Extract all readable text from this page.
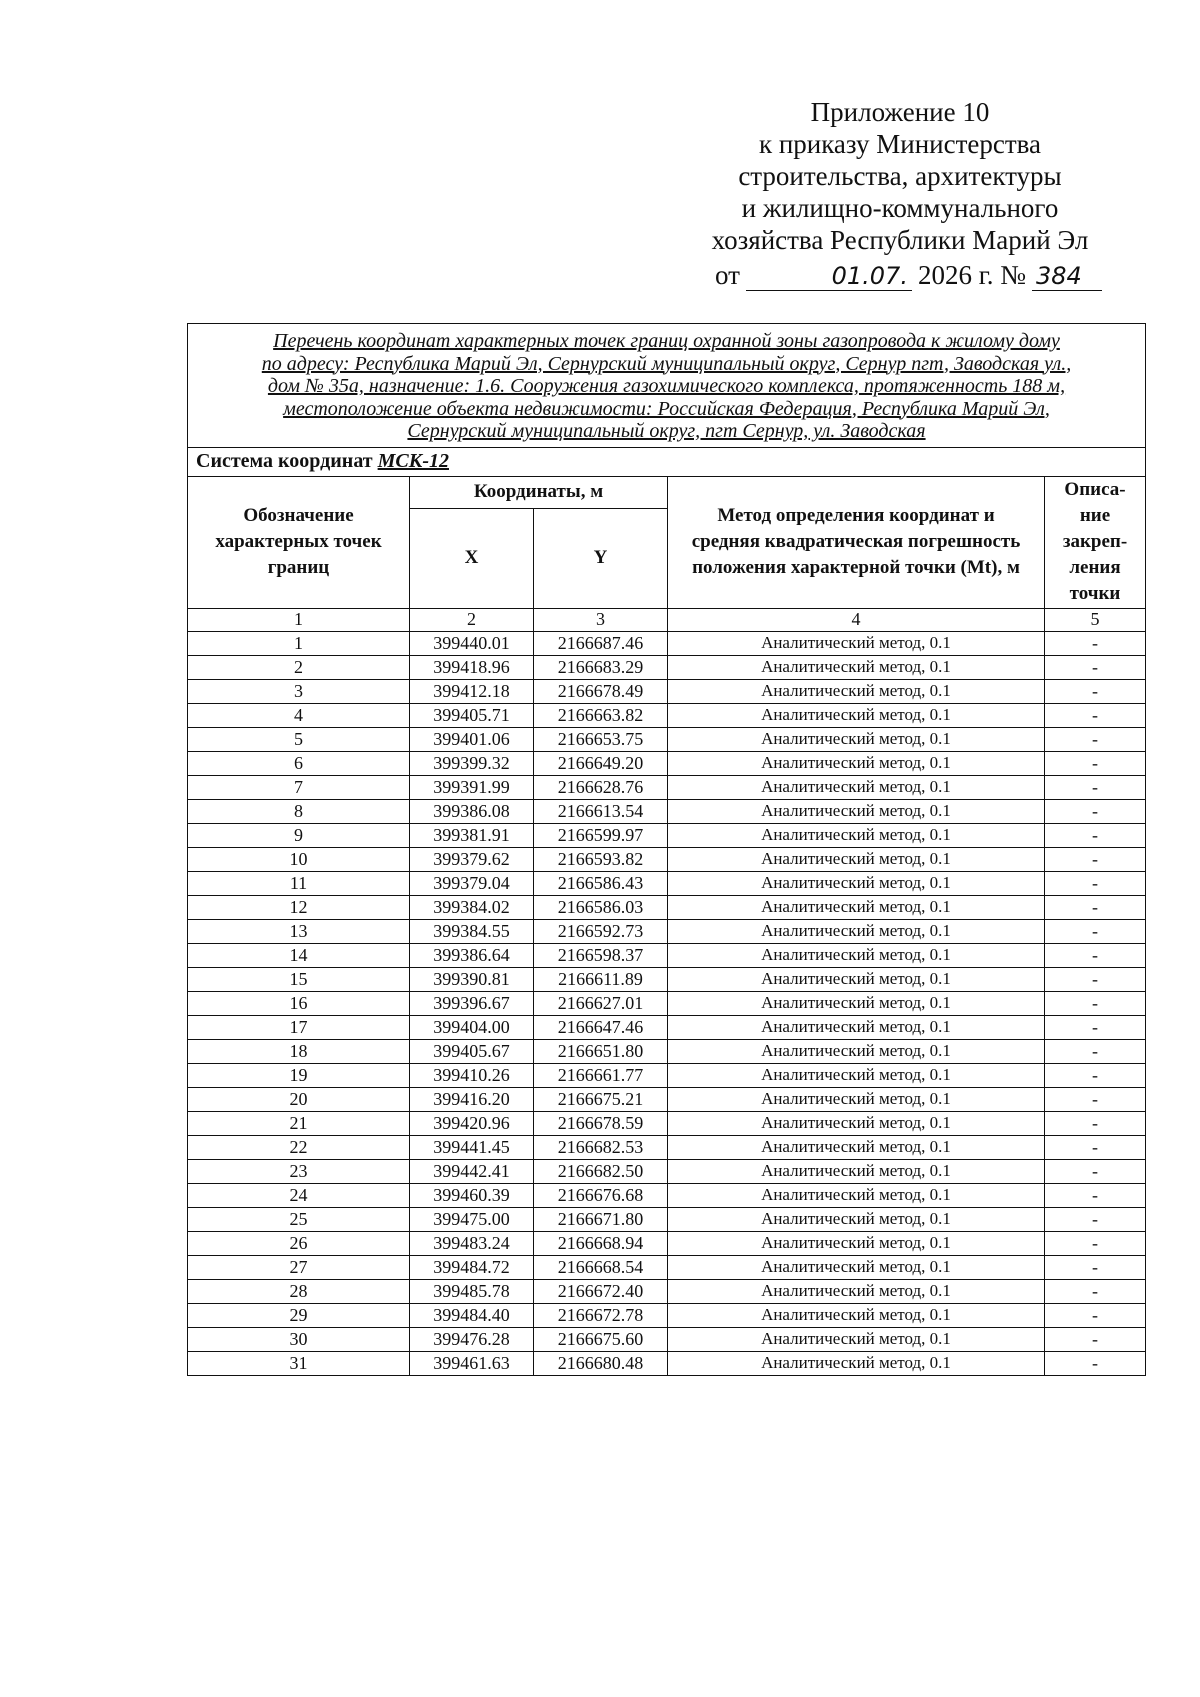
Приложение 10
к приказу Министерства
строительства, архитектуры
и жилищно-коммунального
хозяйства Республики Марий Эл
от	01.07. 2026 г. № 384
Перечень координат характерных точек границ охранной зоны газопровода к жилому дому
по адресу: Республика Марий Эл, Сернурский муниципальный округ, Сернур пгт, Заводская ул.,
дом № 35а, назначение: 1.6. Сооружения газохимического комплекса, протяженность 188 м,
местоположение объекта недвижимости: Российская Федерация, Республика Марий Эл,
Сернурский муниципальный округ, пгт Сернур, ул. Заводская				

Система координат МСК-12				
Обозначение характерных точек границ	Координаты, м		Метод определения координат и средняя квадратическая погрешность положения характерной точки (Mt), м	Описа-ние закреп-ления точки
	X	Y		
1	2	3	4	5
1	399440.01	2166687.46	Аналитический метод, 0.1	-
2	399418.96	2166683.29	Аналитический метод, 0.1	-
3	399412.18	2166678.49	Аналитический метод, 0.1	-
4	399405.71	2166663.82	Аналитический метод, 0.1	-
5	399401.06	2166653.75	Аналитический метод, 0.1	-
6	399399.32	2166649.20	Аналитический метод, 0.1	-
7	399391.99	2166628.76	Аналитический метод, 0.1	-
8	399386.08	2166613.54	Аналитический метод, 0.1	-
9	399381.91	2166599.97	Аналитический метод, 0.1	-
10	399379.62	2166593.82	Аналитический метод, 0.1	-
11	399379.04	2166586.43	Аналитический метод, 0.1	-
12	399384.02	2166586.03	Аналитический метод, 0.1	-
13	399384.55	2166592.73	Аналитический метод, 0.1	-
14	399386.64	2166598.37	Аналитический метод, 0.1	-
15	399390.81	2166611.89	Аналитический метод, 0.1	-
16	399396.67	2166627.01	Аналитический метод, 0.1	-
17	399404.00	2166647.46	Аналитический метод, 0.1	-
18	399405.67	2166651.80	Аналитический метод, 0.1	-
19	399410.26	2166661.77	Аналитический метод, 0.1	-
20	399416.20	2166675.21	Аналитический метод, 0.1	-
21	399420.96	2166678.59	Аналитический метод, 0.1	-
22	399441.45	2166682.53	Аналитический метод, 0.1	-
23	399442.41	2166682.50	Аналитический метод, 0.1	-
24	399460.39	2166676.68	Аналитический метод, 0.1	-
25	399475.00	2166671.80	Аналитический метод, 0.1	-
26	399483.24	2166668.94	Аналитический метод, 0.1	-
27	399484.72	2166668.54	Аналитический метод, 0.1	-
28	399485.78	2166672.40	Аналитический метод, 0.1	-
29	399484.40	2166672.78	Аналитический метод, 0.1	-
30	399476.28	2166675.60	Аналитический метод, 0.1	-
31	399461.63	2166680.48	Аналитический метод, 0.1	-
